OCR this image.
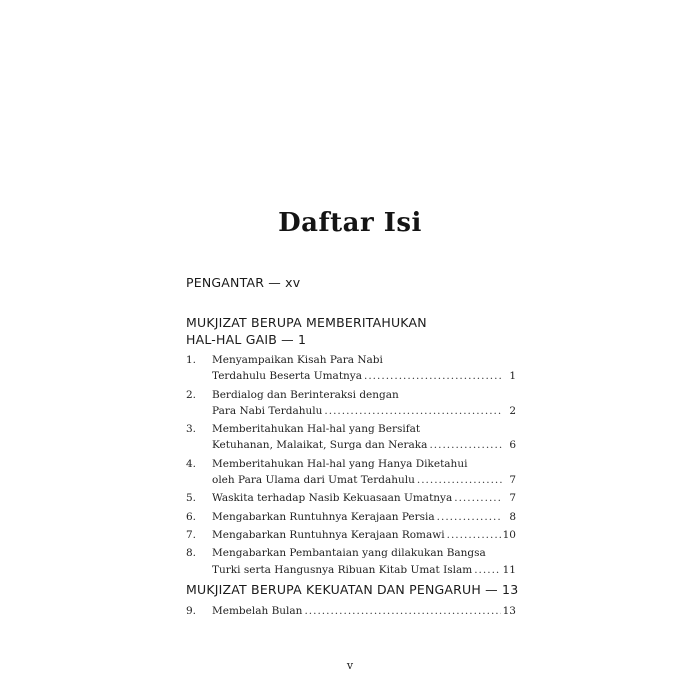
Daftar Isi
PENGANTAR — xv
MUKJIZAT BERUPA MEMBERITAHUKAN
HAL-HAL GAIB — 1
1.	Menyampaikan Kisah Para Nabi
Terdahulu Beserta Umatnya .....	1
2.	Berdialog dan Berinteraksi dengan
Para Nabi Terdahulu .....	2
3.	Memberitahukan Hal-hal yang Bersifat
Ketuhanan, Malaikat, Surga dan Neraka .....	6
4.	Memberitahukan Hal-hal yang Hanya Diketahui
oleh Para Ulama dari Umat Terdahulu .....	7
5.	Waskita terhadap Nasib Kekuasaan Umatnya .....	7
6.	Mengabarkan Runtuhnya Kerajaan Persia .....	8
7.	Mengabarkan Runtuhnya Kerajaan Romawi .....	10
8.	Mengabarkan Pembantaian yang dilakukan Bangsa
Turki serta Hangusnya Ribuan Kitab Umat Islam .....	11
MUKJIZAT BERUPA KEKUATAN DAN PENGARUH — 13
9.	Membelah Bulan .....	13
v
